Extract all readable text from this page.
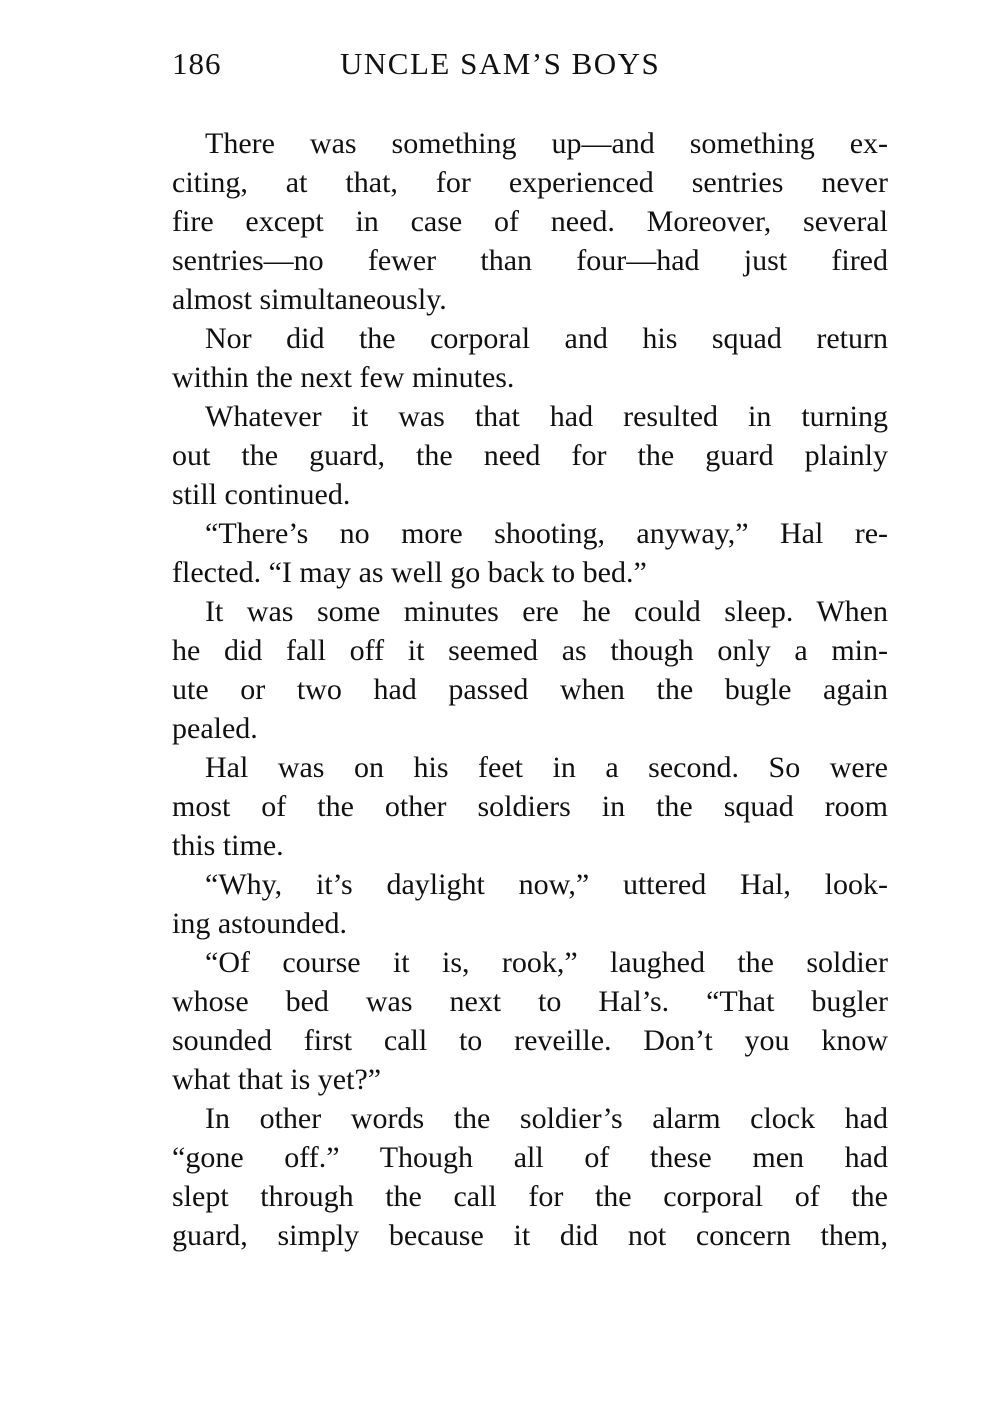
186	UNCLE SAM’S BOYS

There was something up—and something ex-
citing, at that, for experienced sentries never
fire except in case of need. Moreover, several
sentries—no fewer than four—had just fired
almost simultaneously.

Nor did the corporal and his squad return
within the next few minutes.

Whatever it was that had resulted in turning
out the guard, the need for the guard plainly
still continued.

“There’s no more shooting, anyway,” Hal re-
flected. “I may as well go back to bed.”

It was some minutes ere he could sleep. When
he did fall off it seemed as though only a min-
ute or two had passed when the bugle again
pealed.

Hal was on his feet in a second. So were
most of the other soldiers in the squad room
this time.

“Why, it’s daylight now,” uttered Hal, look-
ing astounded.

“Of course it is, rook,” laughed the soldier
whose bed was next to Hal’s. “That bugler
sounded first call to reveille. Don’t you know
what that is yet?”

In other words the soldier’s alarm clock had
“gone off.” Though all of these men had
slept through the call for the corporal of the
guard, simply because it did not concern them,
